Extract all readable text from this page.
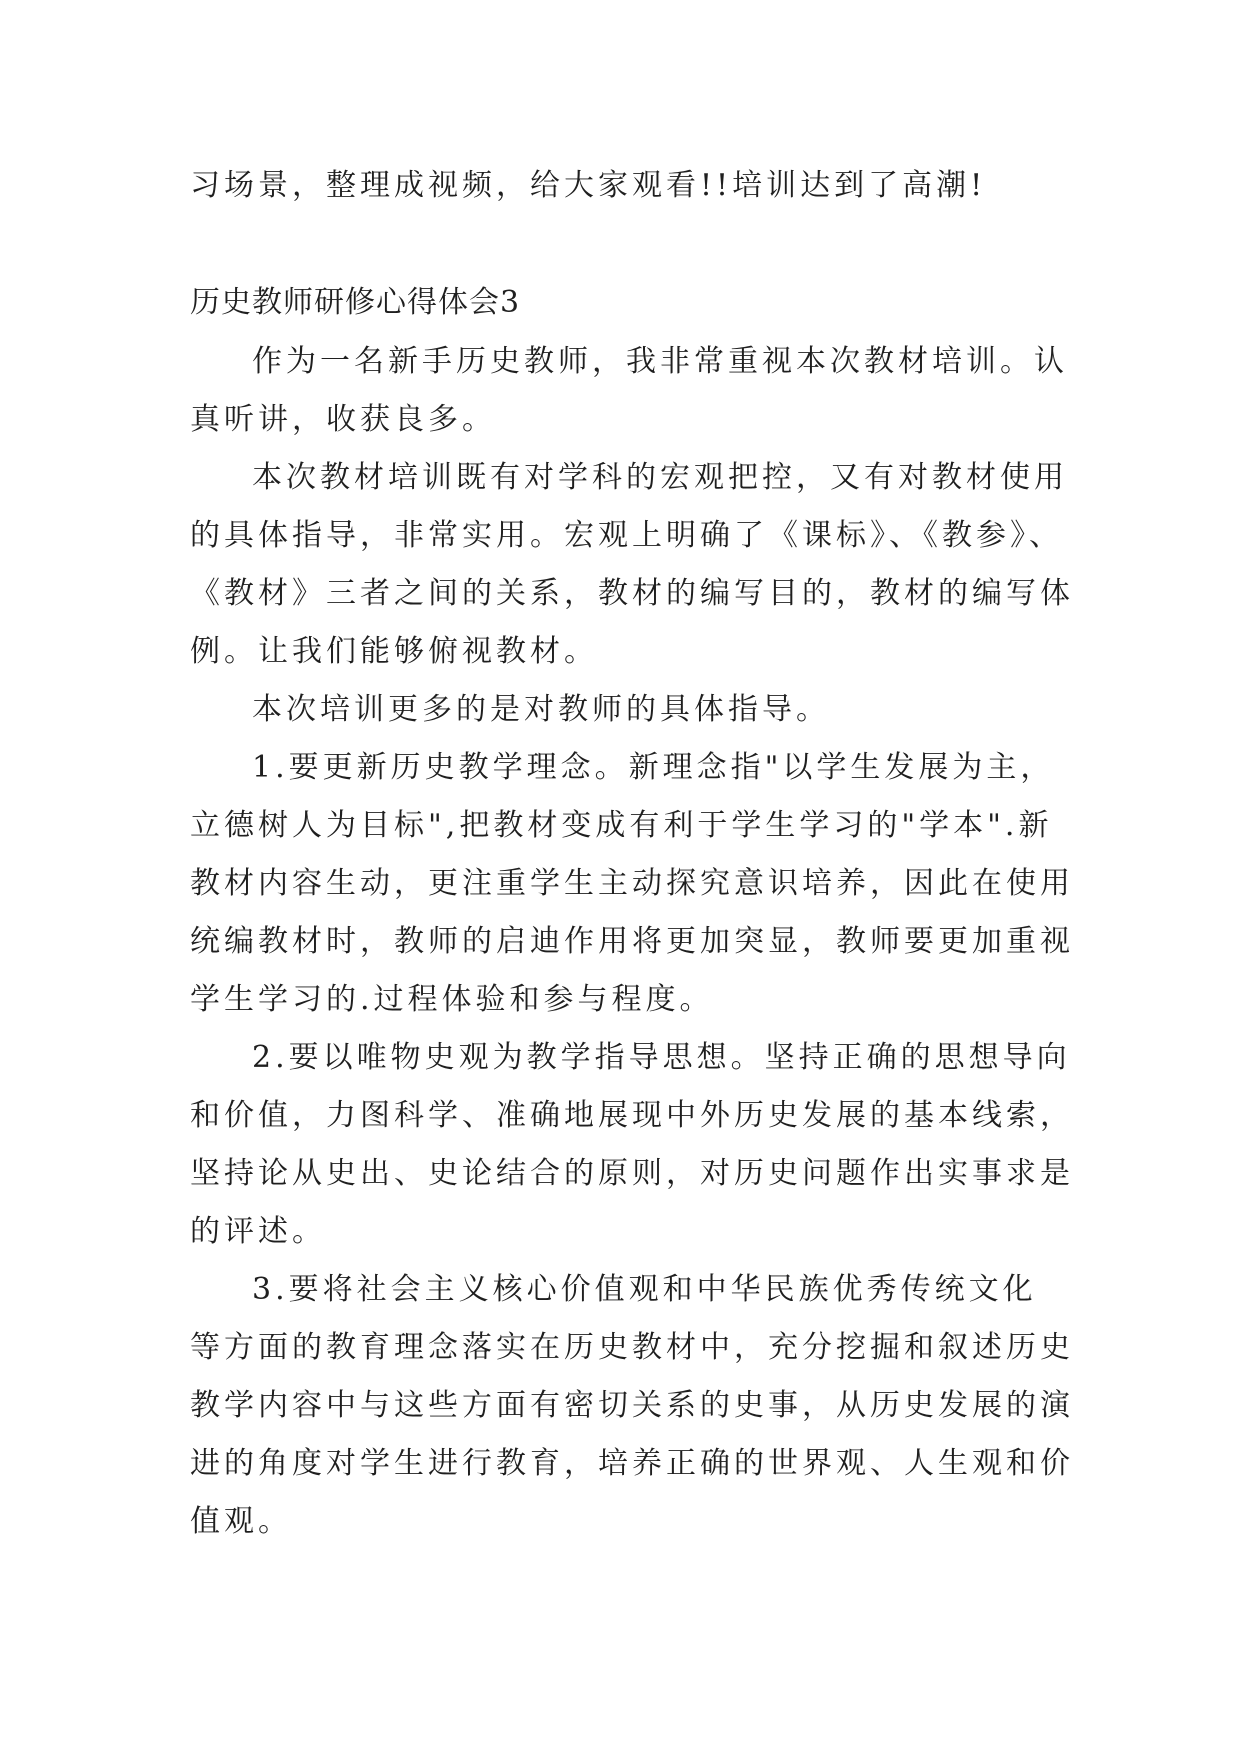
习场景，整理成视频，给大家观看!!培训达到了高潮!
历史教师研修心得体会3
作为一名新手历史教师，我非常重视本次教材培训。认
真听讲，收获良多。
本次教材培训既有对学科的宏观把控，又有对教材使用
的具体指导，非常实用。宏观上明确了《课标》、《教参》、
《教材》三者之间的关系，教材的编写目的，教材的编写体
例。让我们能够俯视教材。
本次培训更多的是对教师的具体指导。
1.要更新历史教学理念。新理念指"以学生发展为主，
立德树人为目标",把教材变成有利于学生学习的"学本".新
教材内容生动，更注重学生主动探究意识培养，因此在使用
统编教材时，教师的启迪作用将更加突显，教师要更加重视
学生学习的.过程体验和参与程度。
2.要以唯物史观为教学指导思想。坚持正确的思想导向
和价值，力图科学、准确地展现中外历史发展的基本线索，
坚持论从史出、史论结合的原则，对历史问题作出实事求是
的评述。
3.要将社会主义核心价值观和中华民族优秀传统文化
等方面的教育理念落实在历史教材中，充分挖掘和叙述历史
教学内容中与这些方面有密切关系的史事，从历史发展的演
进的角度对学生进行教育，培养正确的世界观、人生观和价
值观。
